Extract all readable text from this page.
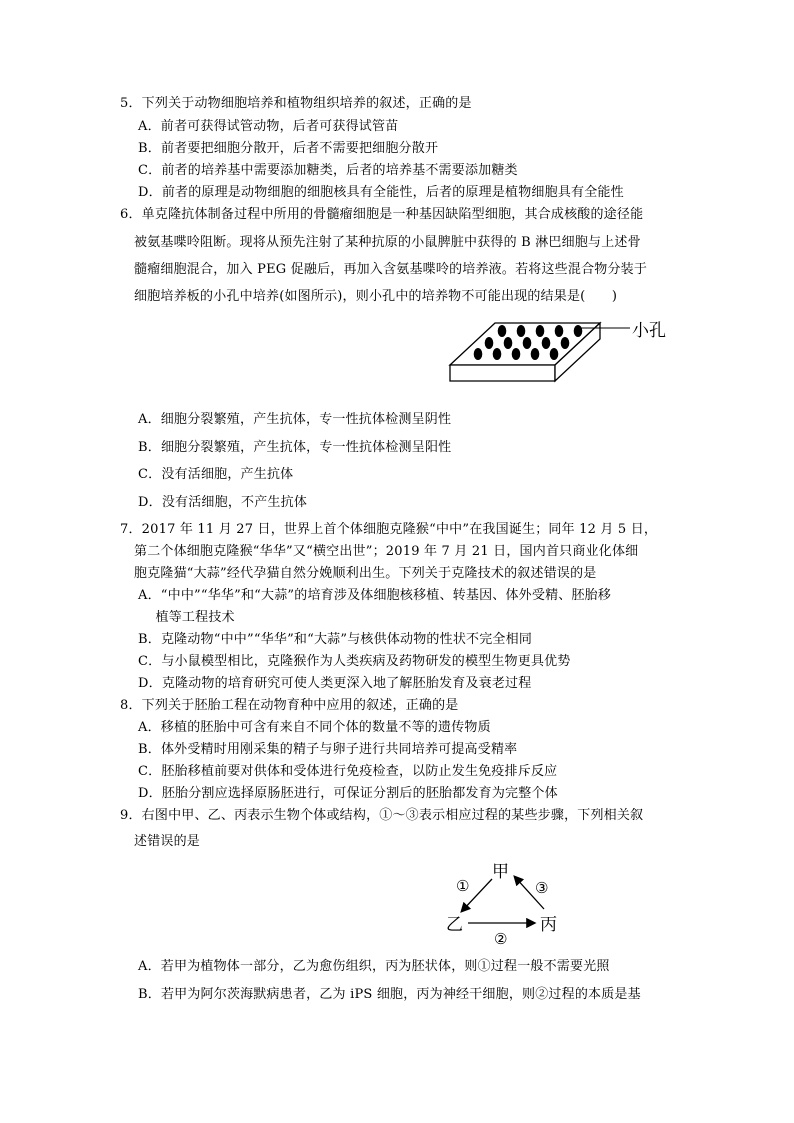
5．下列关于动物细胞培养和植物组织培养的叙述，正确的是
A．前者可获得试管动物，后者可获得试管苗
B．前者要把细胞分散开，后者不需要把细胞分散开
C．前者的培养基中需要添加糖类，后者的培养基不需要添加糖类
D．前者的原理是动物细胞的细胞核具有全能性，后者的原理是植物细胞具有全能性
6．单克隆抗体制备过程中所用的骨髓瘤细胞是一种基因缺陷型细胞，其合成核酸的途径能
被氨基喋呤阻断。现将从预先注射了某种抗原的小鼠脾脏中获得的 B 淋巴细胞与上述骨
髓瘤细胞混合，加入 PEG 促融后，再加入含氨基喋呤的培养液。若将这些混合物分装于
细胞培养板的小孔中培养(如图所示)，则小孔中的培养物不可能出现的结果是(　　)
小孔
A．细胞分裂繁殖，产生抗体，专一性抗体检测呈阴性
B．细胞分裂繁殖，产生抗体，专一性抗体检测呈阳性
C．没有活细胞，产生抗体
D．没有活细胞，不产生抗体
7．2017 年 11 月 27 日，世界上首个体细胞克隆猴“中中”在我国诞生；同年 12 月 5 日，
第二个体细胞克隆猴“华华”又“横空出世”；2019 年 7 月 21 日，国内首只商业化体细
胞克隆猫“大蒜”经代孕猫自然分娩顺利出生。下列关于克隆技术的叙述错误的是
A．“中中”“华华”和“大蒜”的培育涉及体细胞核移植、转基因、体外受精、胚胎移
　 植等工程技术
B．克隆动物“中中”“华华”和“大蒜”与核供体动物的性状不完全相同
C．与小鼠模型相比，克隆猴作为人类疾病及药物研发的模型生物更具优势
D．克隆动物的培育研究可使人类更深入地了解胚胎发育及衰老过程
8．下列关于胚胎工程在动物育种中应用的叙述，正确的是
A．移植的胚胎中可含有来自不同个体的数量不等的遗传物质
B．体外受精时用刚采集的精子与卵子进行共同培养可提高受精率
C．胚胎移植前要对供体和受体进行免疫检查，以防止发生免疫排斥反应
D．胚胎分割应选择原肠胚进行，可保证分割后的胚胎都发育为完整个体
9．右图中甲、乙、丙表示生物个体或结构，①～③表示相应过程的某些步骤，下列相关叙
述错误的是
甲
乙	丙
①
②
③
A．若甲为植物体一部分，乙为愈伤组织，丙为胚状体，则①过程一般不需要光照
B．若甲为阿尔茨海默病患者，乙为 iPS 细胞，丙为神经干细胞，则②过程的本质是基
